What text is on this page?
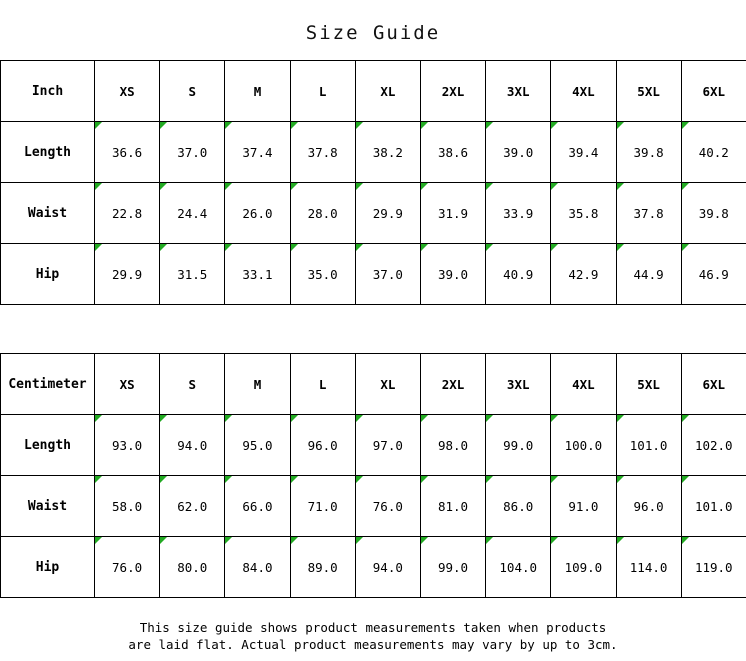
Size Guide
Inch	XS	S	M	L	XL	2XL	3XL	4XL	5XL	6XL
Length	36.6	37.0	37.4	37.8	38.2	38.6	39.0	39.4	39.8	40.2
Waist	22.8	24.4	26.0	28.0	29.9	31.9	33.9	35.8	37.8	39.8
Hip	29.9	31.5	33.1	35.0	37.0	39.0	40.9	42.9	44.9	46.9
Centimeter	XS	S	M	L	XL	2XL	3XL	4XL	5XL	6XL
Length	93.0	94.0	95.0	96.0	97.0	98.0	99.0	100.0	101.0	102.0
Waist	58.0	62.0	66.0	71.0	76.0	81.0	86.0	91.0	96.0	101.0
Hip	76.0	80.0	84.0	89.0	94.0	99.0	104.0	109.0	114.0	119.0
This size guide shows product measurements taken when products
are laid flat. Actual product measurements may vary by up to 3cm.
